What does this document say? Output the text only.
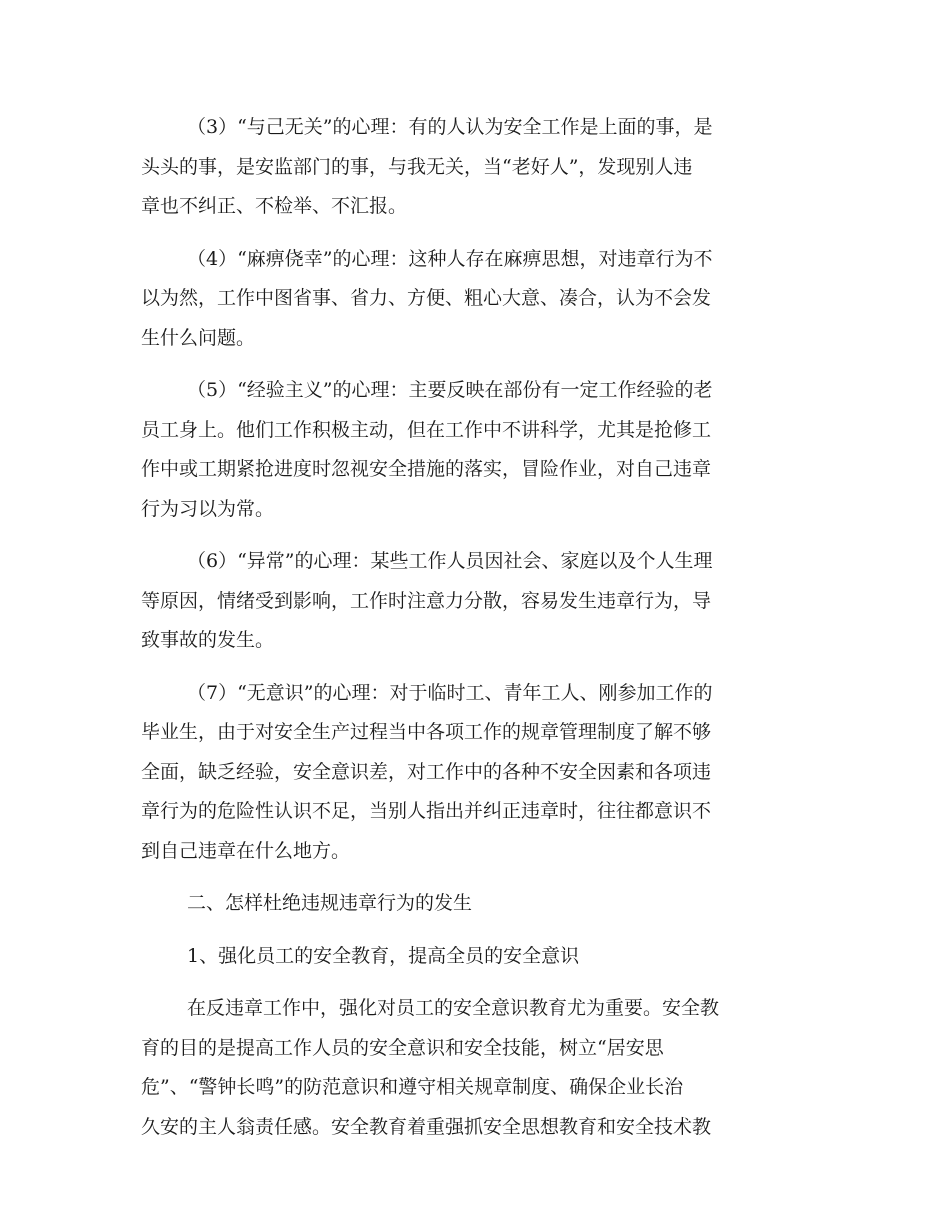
（3）“与己无关”的心理：有的人认为安全工作是上面的事，是
头头的事，是安监部门的事，与我无关，当“老好人”，发现别人违
章也不纠正、不检举、不汇报。

（4）“麻痹侥幸”的心理：这种人存在麻痹思想，对违章行为不
以为然，工作中图省事、省力、方便、粗心大意、凑合，认为不会发
生什么问题。

（5）“经验主义”的心理：主要反映在部份有一定工作经验的老
员工身上。他们工作积极主动，但在工作中不讲科学，尤其是抢修工
作中或工期紧抢进度时忽视安全措施的落实，冒险作业，对自己违章
行为习以为常。

（6）“异常”的心理：某些工作人员因社会、家庭以及个人生理
等原因，情绪受到影响，工作时注意力分散，容易发生违章行为，导
致事故的发生。

（7）“无意识”的心理：对于临时工、青年工人、刚参加工作的
毕业生，由于对安全生产过程当中各项工作的规章管理制度了解不够
全面，缺乏经验，安全意识差，对工作中的各种不安全因素和各项违
章行为的危险性认识不足，当别人指出并纠正违章时，往往都意识不
到自己违章在什么地方。

二、怎样杜绝违规违章行为的发生

1、强化员工的安全教育，提高全员的安全意识

在反违章工作中，强化对员工的安全意识教育尤为重要。安全教
育的目的是提高工作人员的安全意识和安全技能，树立“居安思
危”、“警钟长鸣”的防范意识和遵守相关规章制度、确保企业长治
久安的主人翁责任感。安全教育着重强抓安全思想教育和安全技术教
